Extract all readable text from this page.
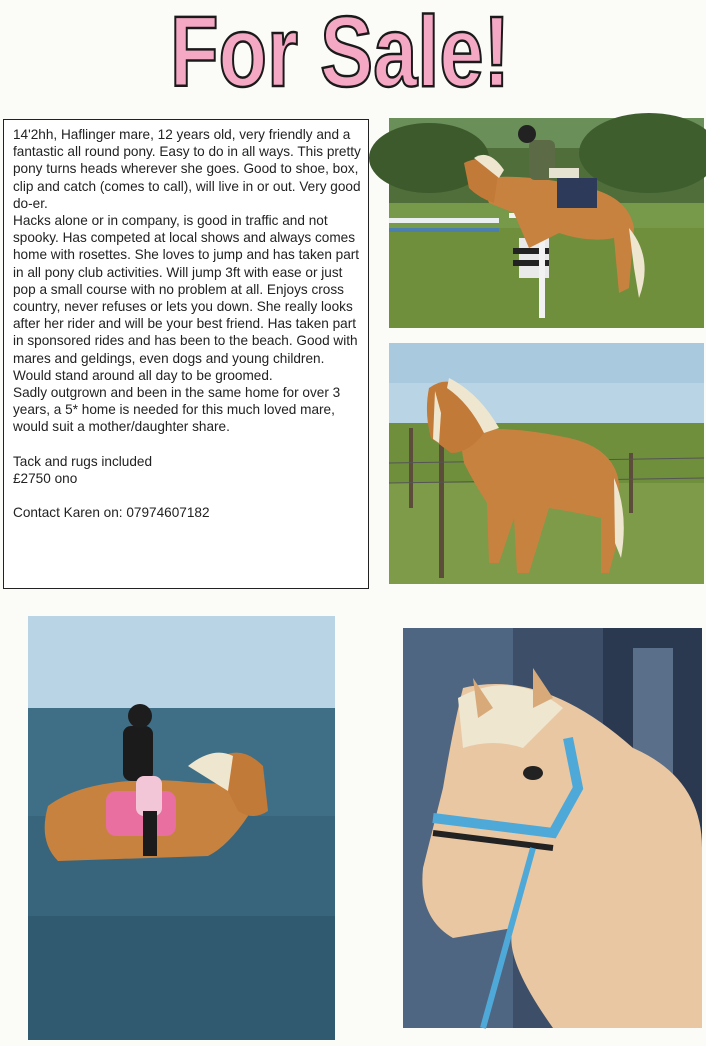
For Sale!

14'2hh, Haflinger mare, 12 years old, very friendly and a fantastic all round pony. Easy to do in all ways. This pretty pony turns heads wherever she goes. Good to shoe, box, clip and catch (comes to call), will live in or out. Very good do-er.

Hacks alone or in company, is good in traffic and not spooky. Has competed at local shows and always comes home with rosettes. She loves to jump and has taken part in all pony club activities. Will jump 3ft with ease or just pop a small course with no problem at all. Enjoys cross country, never refuses or lets you down. She really looks after her rider and will be your best friend. Has taken part in sponsored rides and has been to the beach. Good with mares and geldings, even dogs and young children. Would stand around all day to be groomed.

Sadly outgrown and been in the same home for over 3 years, a 5* home is needed for this much loved mare, would suit a mother/daughter share.

Tack and rugs included

£2750 ono

Contact Karen on: 07974607182
